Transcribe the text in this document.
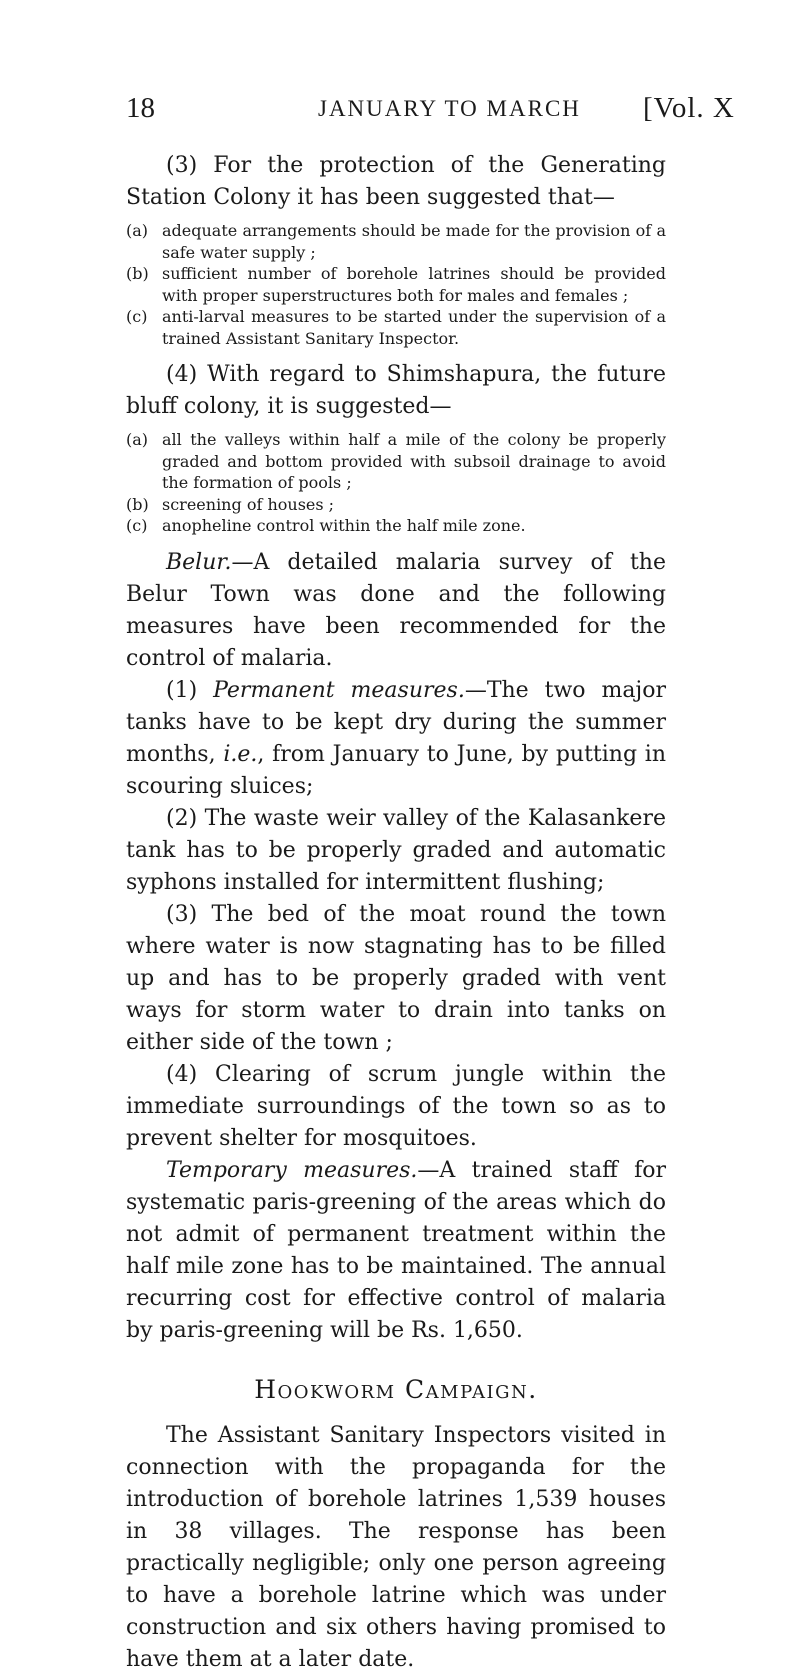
18	JANUARY TO MARCH [Vol. X

(3) For the protection of the Generating Station Colony it has been suggested that—

(a) adequate arrangements should be made for the provision of a safe water supply ;

(b) sufficient number of borehole latrines should be provided with proper superstructures both for males and females ;

(c) anti-larval measures to be started under the supervision of a trained Assistant Sanitary Inspector.

(4) With regard to Shimshapura, the future bluff colony, it is suggested—

(a) all the valleys within half a mile of the colony be properly graded and bottom provided with subsoil drainage to avoid the formation of pools ;

(b) screening of houses ;

(c) anopheline control within the half mile zone.

Belur.—A detailed malaria survey of the Belur Town was done and the following measures have been recommended for the control of malaria.

(1) Permanent measures.—The two major tanks have to be kept dry during the summer months, i.e., from January to June, by putting in scouring sluices;

(2) The waste weir valley of the Kalasankere tank has to be properly graded and automatic syphons installed for intermittent flushing;

(3) The bed of the moat round the town where water is now stagnating has to be filled up and has to be properly graded with vent ways for storm water to drain into tanks on either side of the town ;

(4) Clearing of scrum jungle within the immediate surroundings of the town so as to prevent shelter for mosquitoes.

Temporary measures.—A trained staff for systematic paris-greening of the areas which do not admit of permanent treatment within the half mile zone has to be maintained. The annual recurring cost for effective control of malaria by paris-greening will be Rs. 1,650.

Hookworm Campaign.

The Assistant Sanitary Inspectors visited in connection with the propaganda for the introduction of borehole latrines 1,539 houses in 38 villages. The response has been practically negligible; only one person agreeing to have a borehole latrine which was under construction and six others having promised to have them at a later date.
